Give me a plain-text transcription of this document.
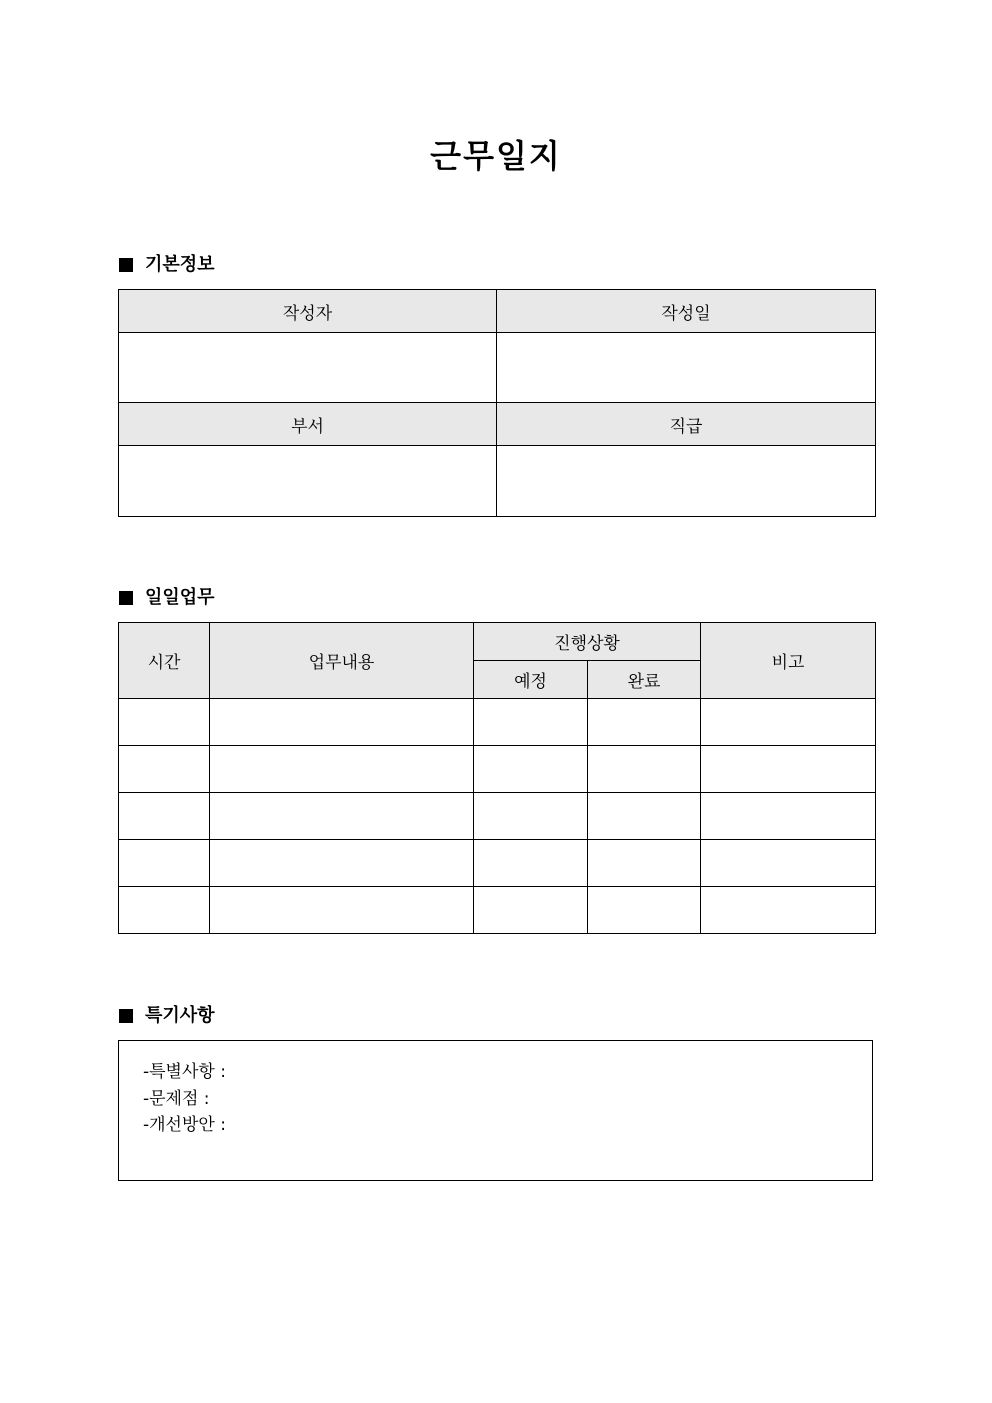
근무일지
기본정보
작성자	작성일

부서	직급

일일업무
시간	업무내용	진행상황		비고
		예정	완료	

특기사항
-특별사항 :
-문제점 :
-개선방안 :
